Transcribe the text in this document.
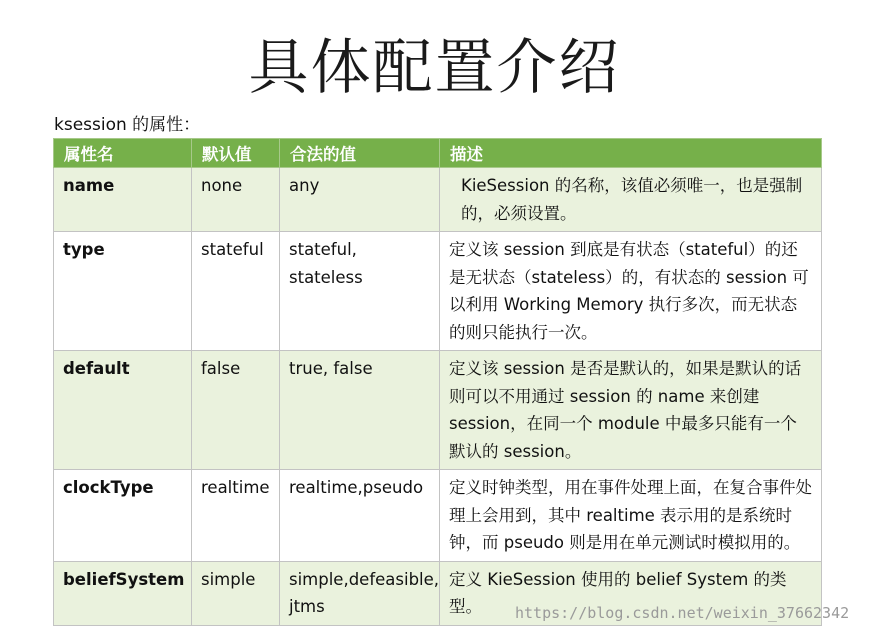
具体配置介绍
ksession 的属性：
属性名	默认值	合法的值	描述
name	none	any	KieSession 的名称，该值必须唯一，也是强制的，必须设置。
type	stateful	stateful, stateless	定义该 session 到底是有状态（stateful）的还是无状态（stateless）的，有状态的 session 可以利用 Working Memory 执行多次，而无状态的则只能执行一次。
default	false	true, false	定义该 session 是否是默认的，如果是默认的话则可以不用通过 session 的 name 来创建 session，在同一个 module 中最多只能有一个默认的 session。
clockType	realtime	realtime,pseudo	定义时钟类型，用在事件处理上面，在复合事件处理上会用到，其中 realtime 表示用的是系统时钟，而 pseudo 则是用在单元测试时模拟用的。
beliefSystem	simple	simple,defeasible, jtms	定义 KieSession 使用的 belief System 的类型。 https://blog.csdn.net/weixin_37662342
